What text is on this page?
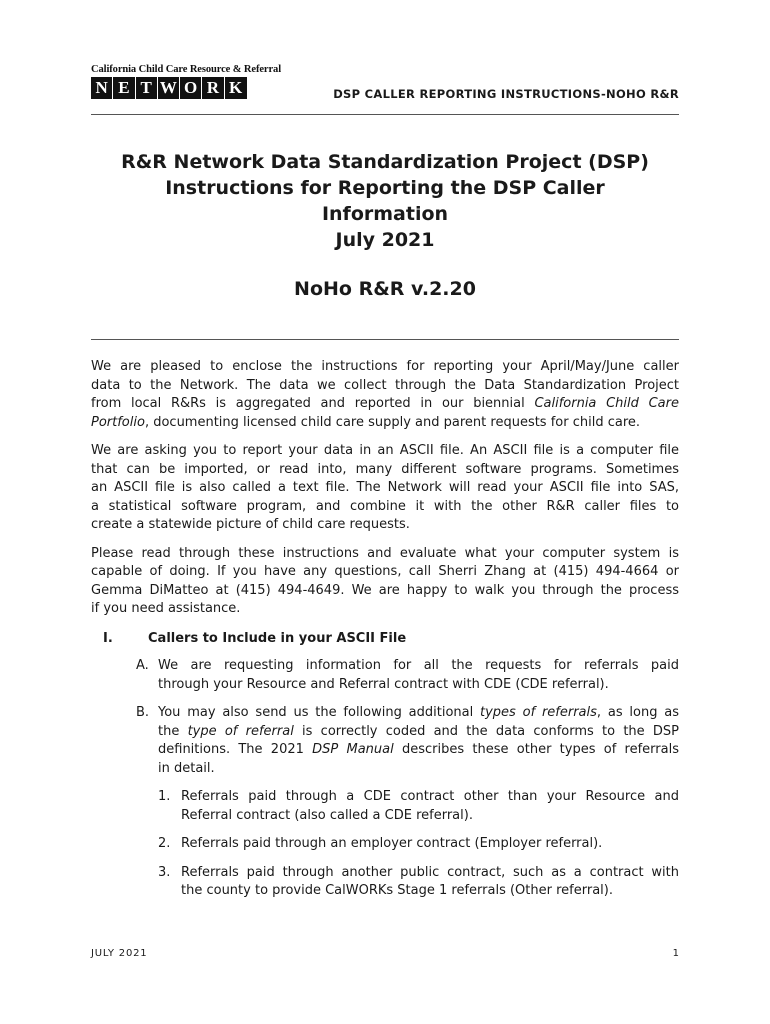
California Child Care Resource & Referral
N E T W O R K	DSP CALLER REPORTING INSTRUCTIONS-NOHO R&R
R&R Network Data Standardization Project (DSP)
Instructions for Reporting the DSP Caller
Information
July 2021
NoHo R&R v.2.20

We are pleased to enclose the instructions for reporting your April/May/June caller
data to the Network. The data we collect through the Data Standardization Project
from local R&Rs is aggregated and reported in our biennial California Child Care
Portfolio, documenting licensed child care supply and parent requests for child care.

We are asking you to report your data in an ASCII file. An ASCII file is a computer file
that can be imported, or read into, many different software programs. Sometimes
an ASCII file is also called a text file. The Network will read your ASCII file into SAS,
a statistical software program, and combine it with the other R&R caller files to
create a statewide picture of child care requests.

Please read through these instructions and evaluate what your computer system is
capable of doing. If you have any questions, call Sherri Zhang at (415) 494-4664 or
Gemma DiMatteo at (415) 494-4649. We are happy to walk you through the process
if you need assistance.

I.	Callers to Include in your ASCII File
A. We are requesting information for all the requests for referrals paid
through your Resource and Referral contract with CDE (CDE referral).
B. You may also send us the following additional types of referrals, as long as
the type of referral is correctly coded and the data conforms to the DSP
definitions. The 2021 DSP Manual describes these other types of referrals
in detail.
1. Referrals paid through a CDE contract other than your Resource and
Referral contract (also called a CDE referral).
2. Referrals paid through an employer contract (Employer referral).
3. Referrals paid through another public contract, such as a contract with
the county to provide CalWORKs Stage 1 referrals (Other referral).
JULY 2021	1
